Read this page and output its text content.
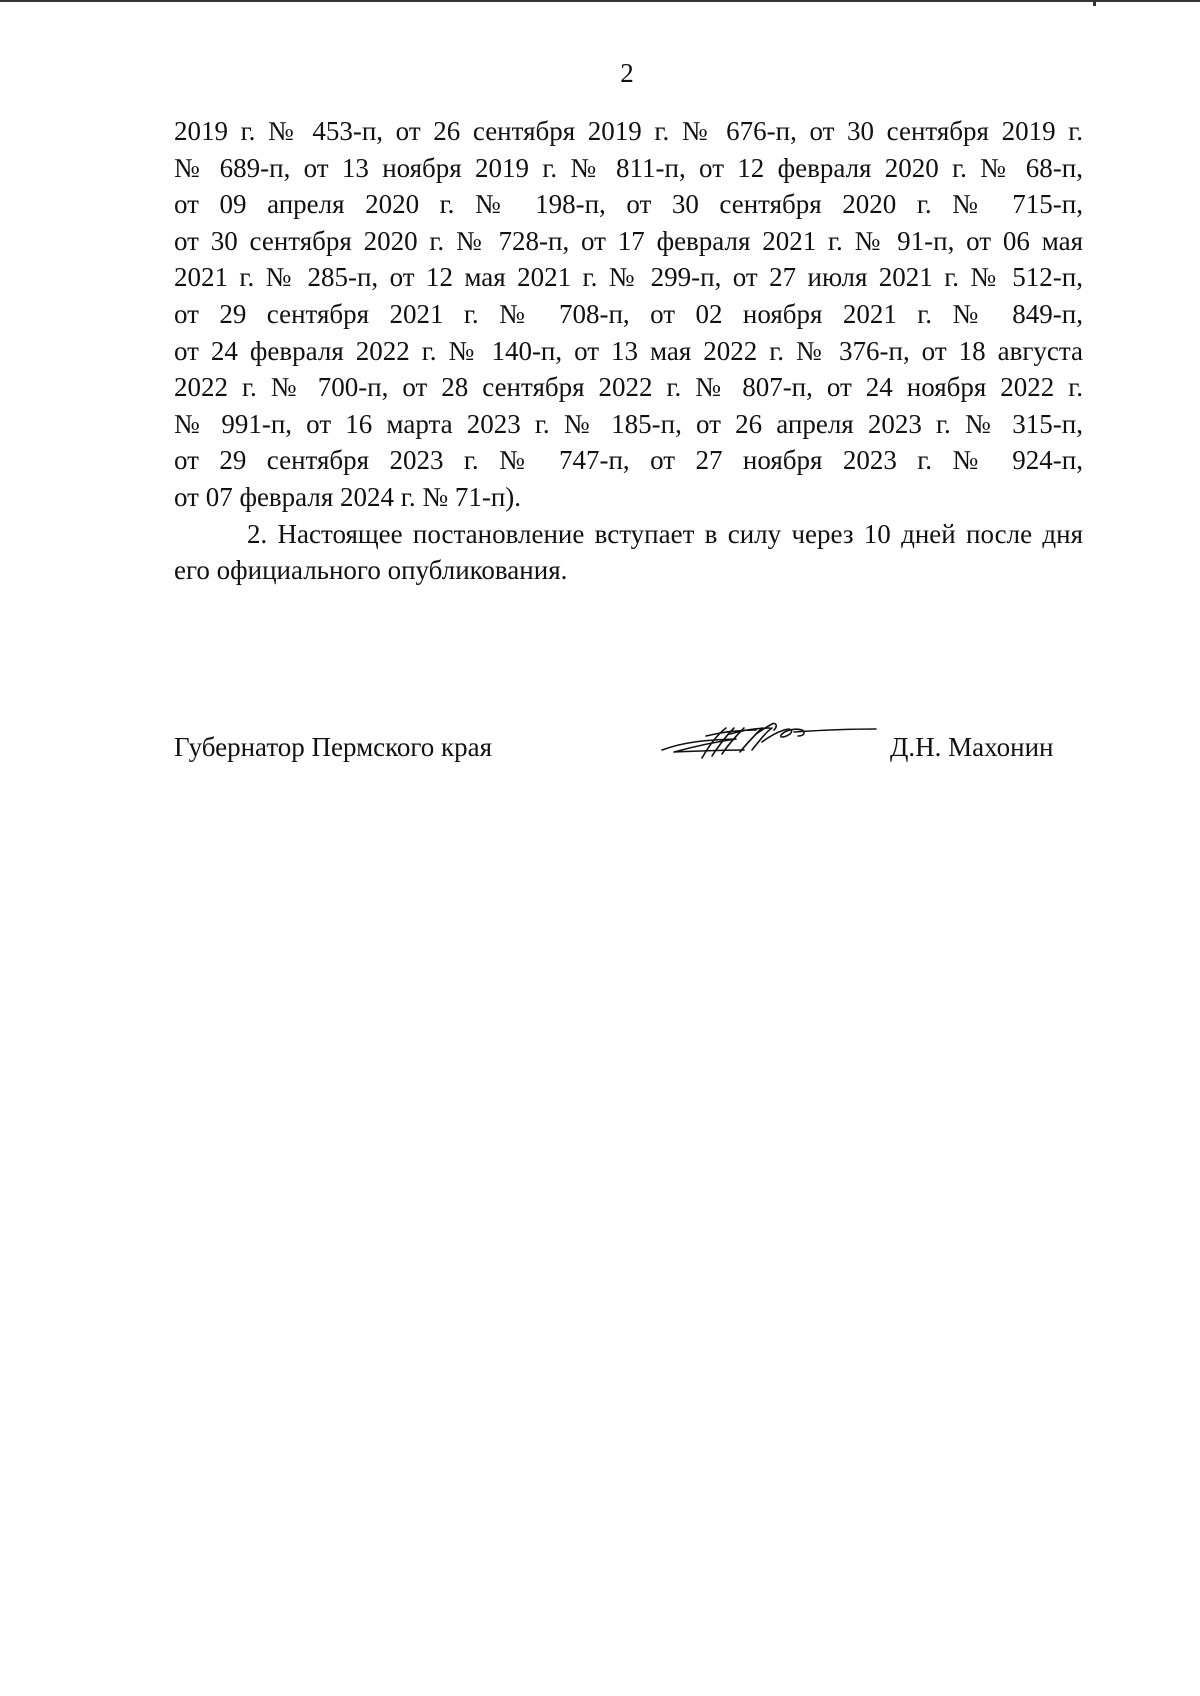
2

2019 г. № 453-п, от 26 сентября 2019 г. № 676-п, от 30 сентября 2019 г.
№ 689-п, от 13 ноября 2019 г. № 811-п, от 12 февраля 2020 г. № 68-п,
от 09 апреля 2020 г. № 198-п, от 30 сентября 2020 г. № 715-п,
от 30 сентября 2020 г. № 728-п, от 17 февраля 2021 г. № 91-п, от 06 мая
2021 г. № 285-п, от 12 мая 2021 г. № 299-п, от 27 июля 2021 г. № 512-п,
от 29 сентября 2021 г. № 708-п, от 02 ноября 2021 г. № 849-п,
от 24 февраля 2022 г. № 140-п, от 13 мая 2022 г. № 376-п, от 18 августа
2022 г. № 700-п, от 28 сентября 2022 г. № 807-п, от 24 ноября 2022 г.
№ 991-п, от 16 марта 2023 г. № 185-п, от 26 апреля 2023 г. № 315-п,
от 29 сентября 2023 г. № 747-п, от 27 ноября 2023 г. № 924-п,
от 07 февраля 2024 г. № 71-п).

2. Настоящее постановление вступает в силу через 10 дней после дня
его официального опубликования.

Губернатор Пермского края	Д.Н. Махонин
